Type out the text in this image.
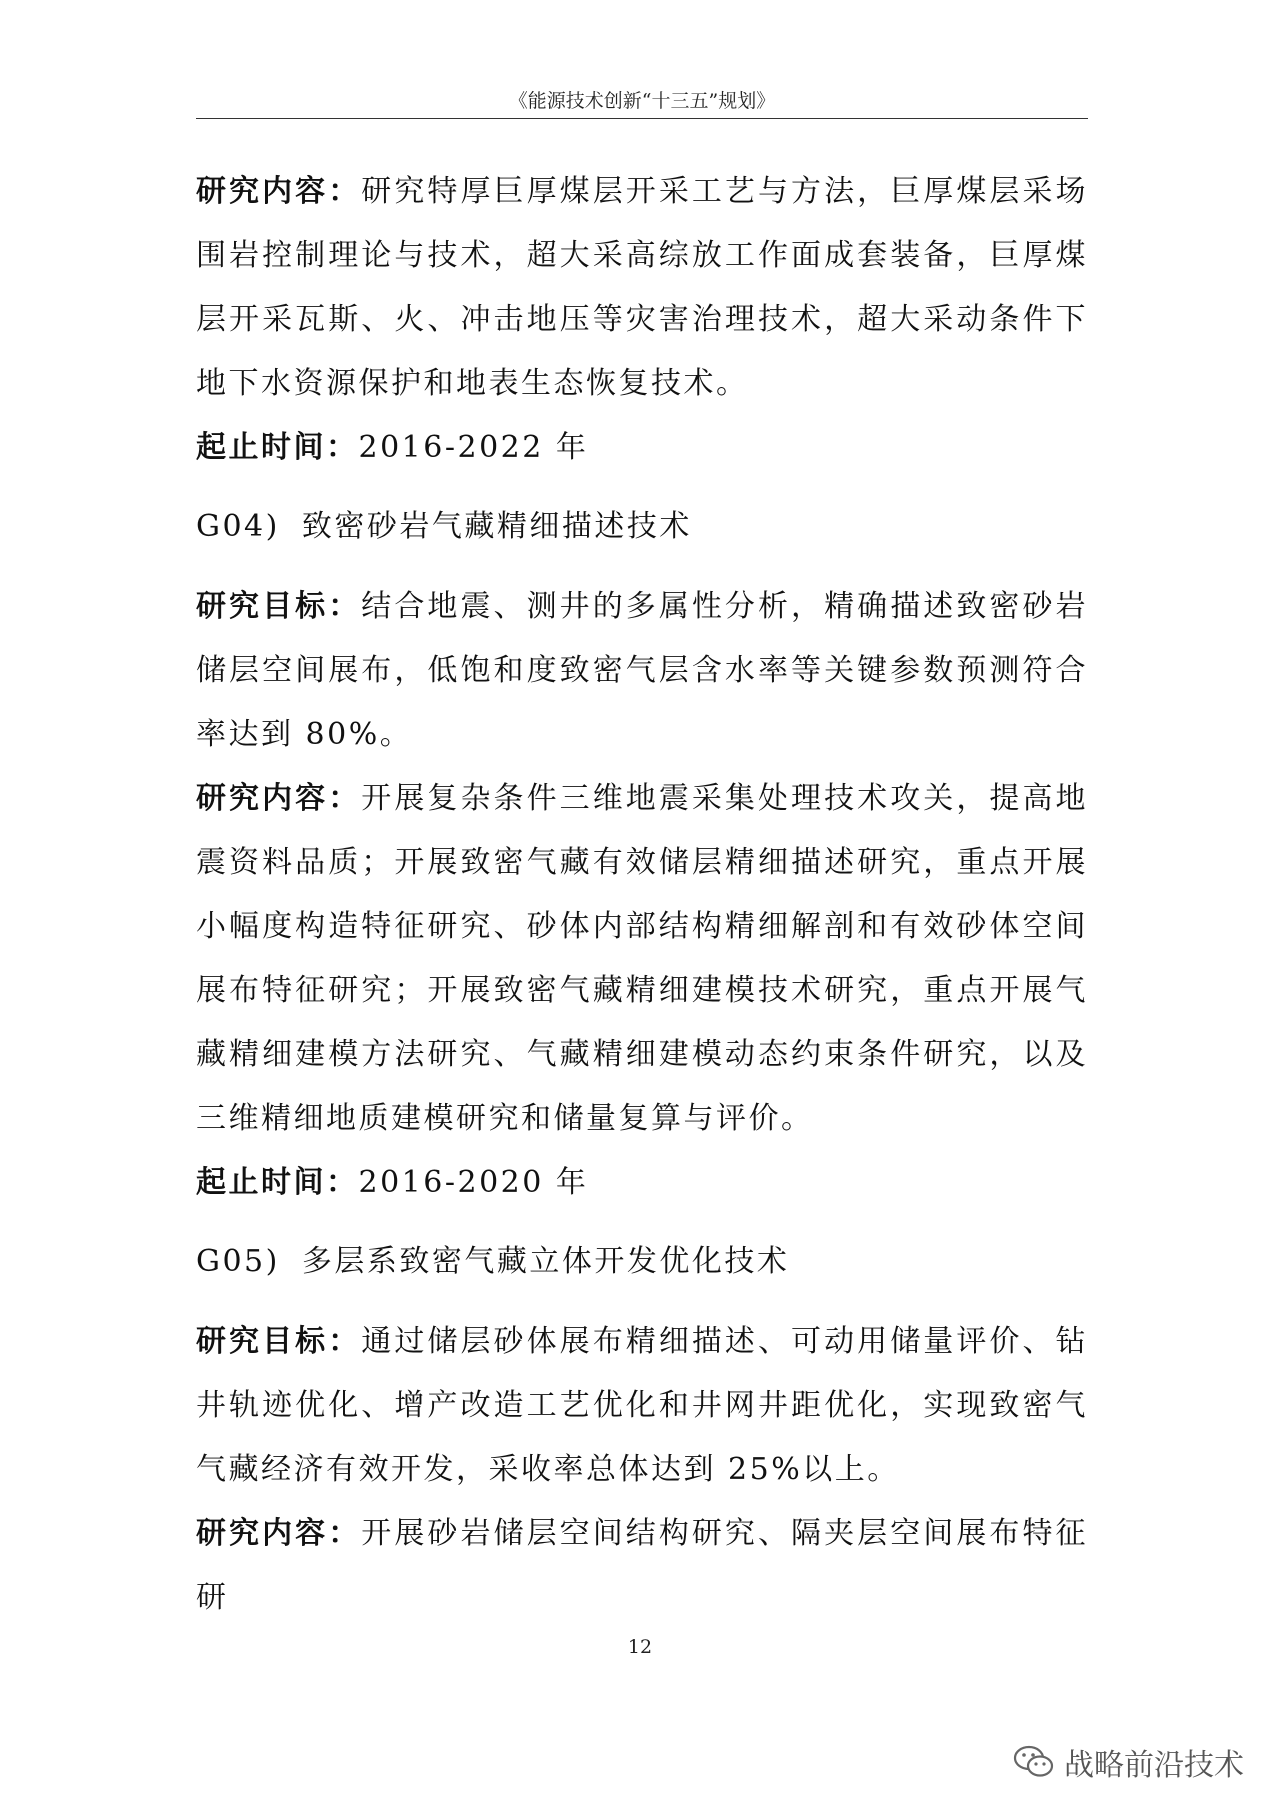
《能源技术创新“十三五”规划》

研究内容：研究特厚巨厚煤层开采工艺与方法，巨厚煤层采场围岩控制理论与技术，超大采高综放工作面成套装备，巨厚煤层开采瓦斯、火、冲击地压等灾害治理技术，超大采动条件下地下水资源保护和地表生态恢复技术。

起止时间：2016-2022 年

G04) 致密砂岩气藏精细描述技术

研究目标：结合地震、测井的多属性分析，精确描述致密砂岩储层空间展布，低饱和度致密气层含水率等关键参数预测符合率达到 80%。

研究内容：开展复杂条件三维地震采集处理技术攻关，提高地震资料品质；开展致密气藏有效储层精细描述研究，重点开展小幅度构造特征研究、砂体内部结构精细解剖和有效砂体空间展布特征研究；开展致密气藏精细建模技术研究，重点开展气藏精细建模方法研究、气藏精细建模动态约束条件研究，以及三维精细地质建模研究和储量复算与评价。

起止时间：2016-2020 年

G05) 多层系致密气藏立体开发优化技术

研究目标：通过储层砂体展布精细描述、可动用储量评价、钻井轨迹优化、增产改造工艺优化和井网井距优化，实现致密气气藏经济有效开发，采收率总体达到 25%以上。

研究内容：开展砂岩储层空间结构研究、隔夹层空间展布特征研

12
战略前沿技术
